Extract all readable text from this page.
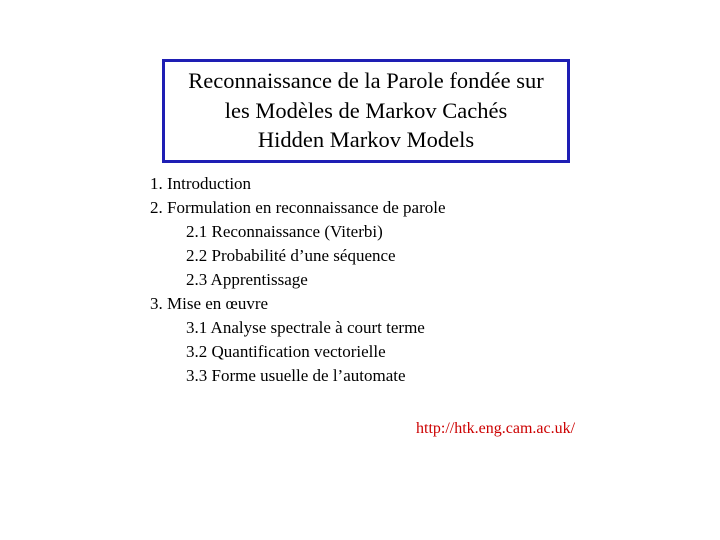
Reconnaissance de la Parole fondée sur
les Modèles de Markov Cachés
Hidden Markov Models
1. Introduction
2. Formulation en reconnaissance de parole
2.1 Reconnaissance (Viterbi)
2.2 Probabilité d’une séquence
2.3 Apprentissage
3. Mise en œuvre
3.1 Analyse spectrale à court terme
3.2 Quantification vectorielle
3.3 Forme usuelle de l’automate
http://htk.eng.cam.ac.uk/
